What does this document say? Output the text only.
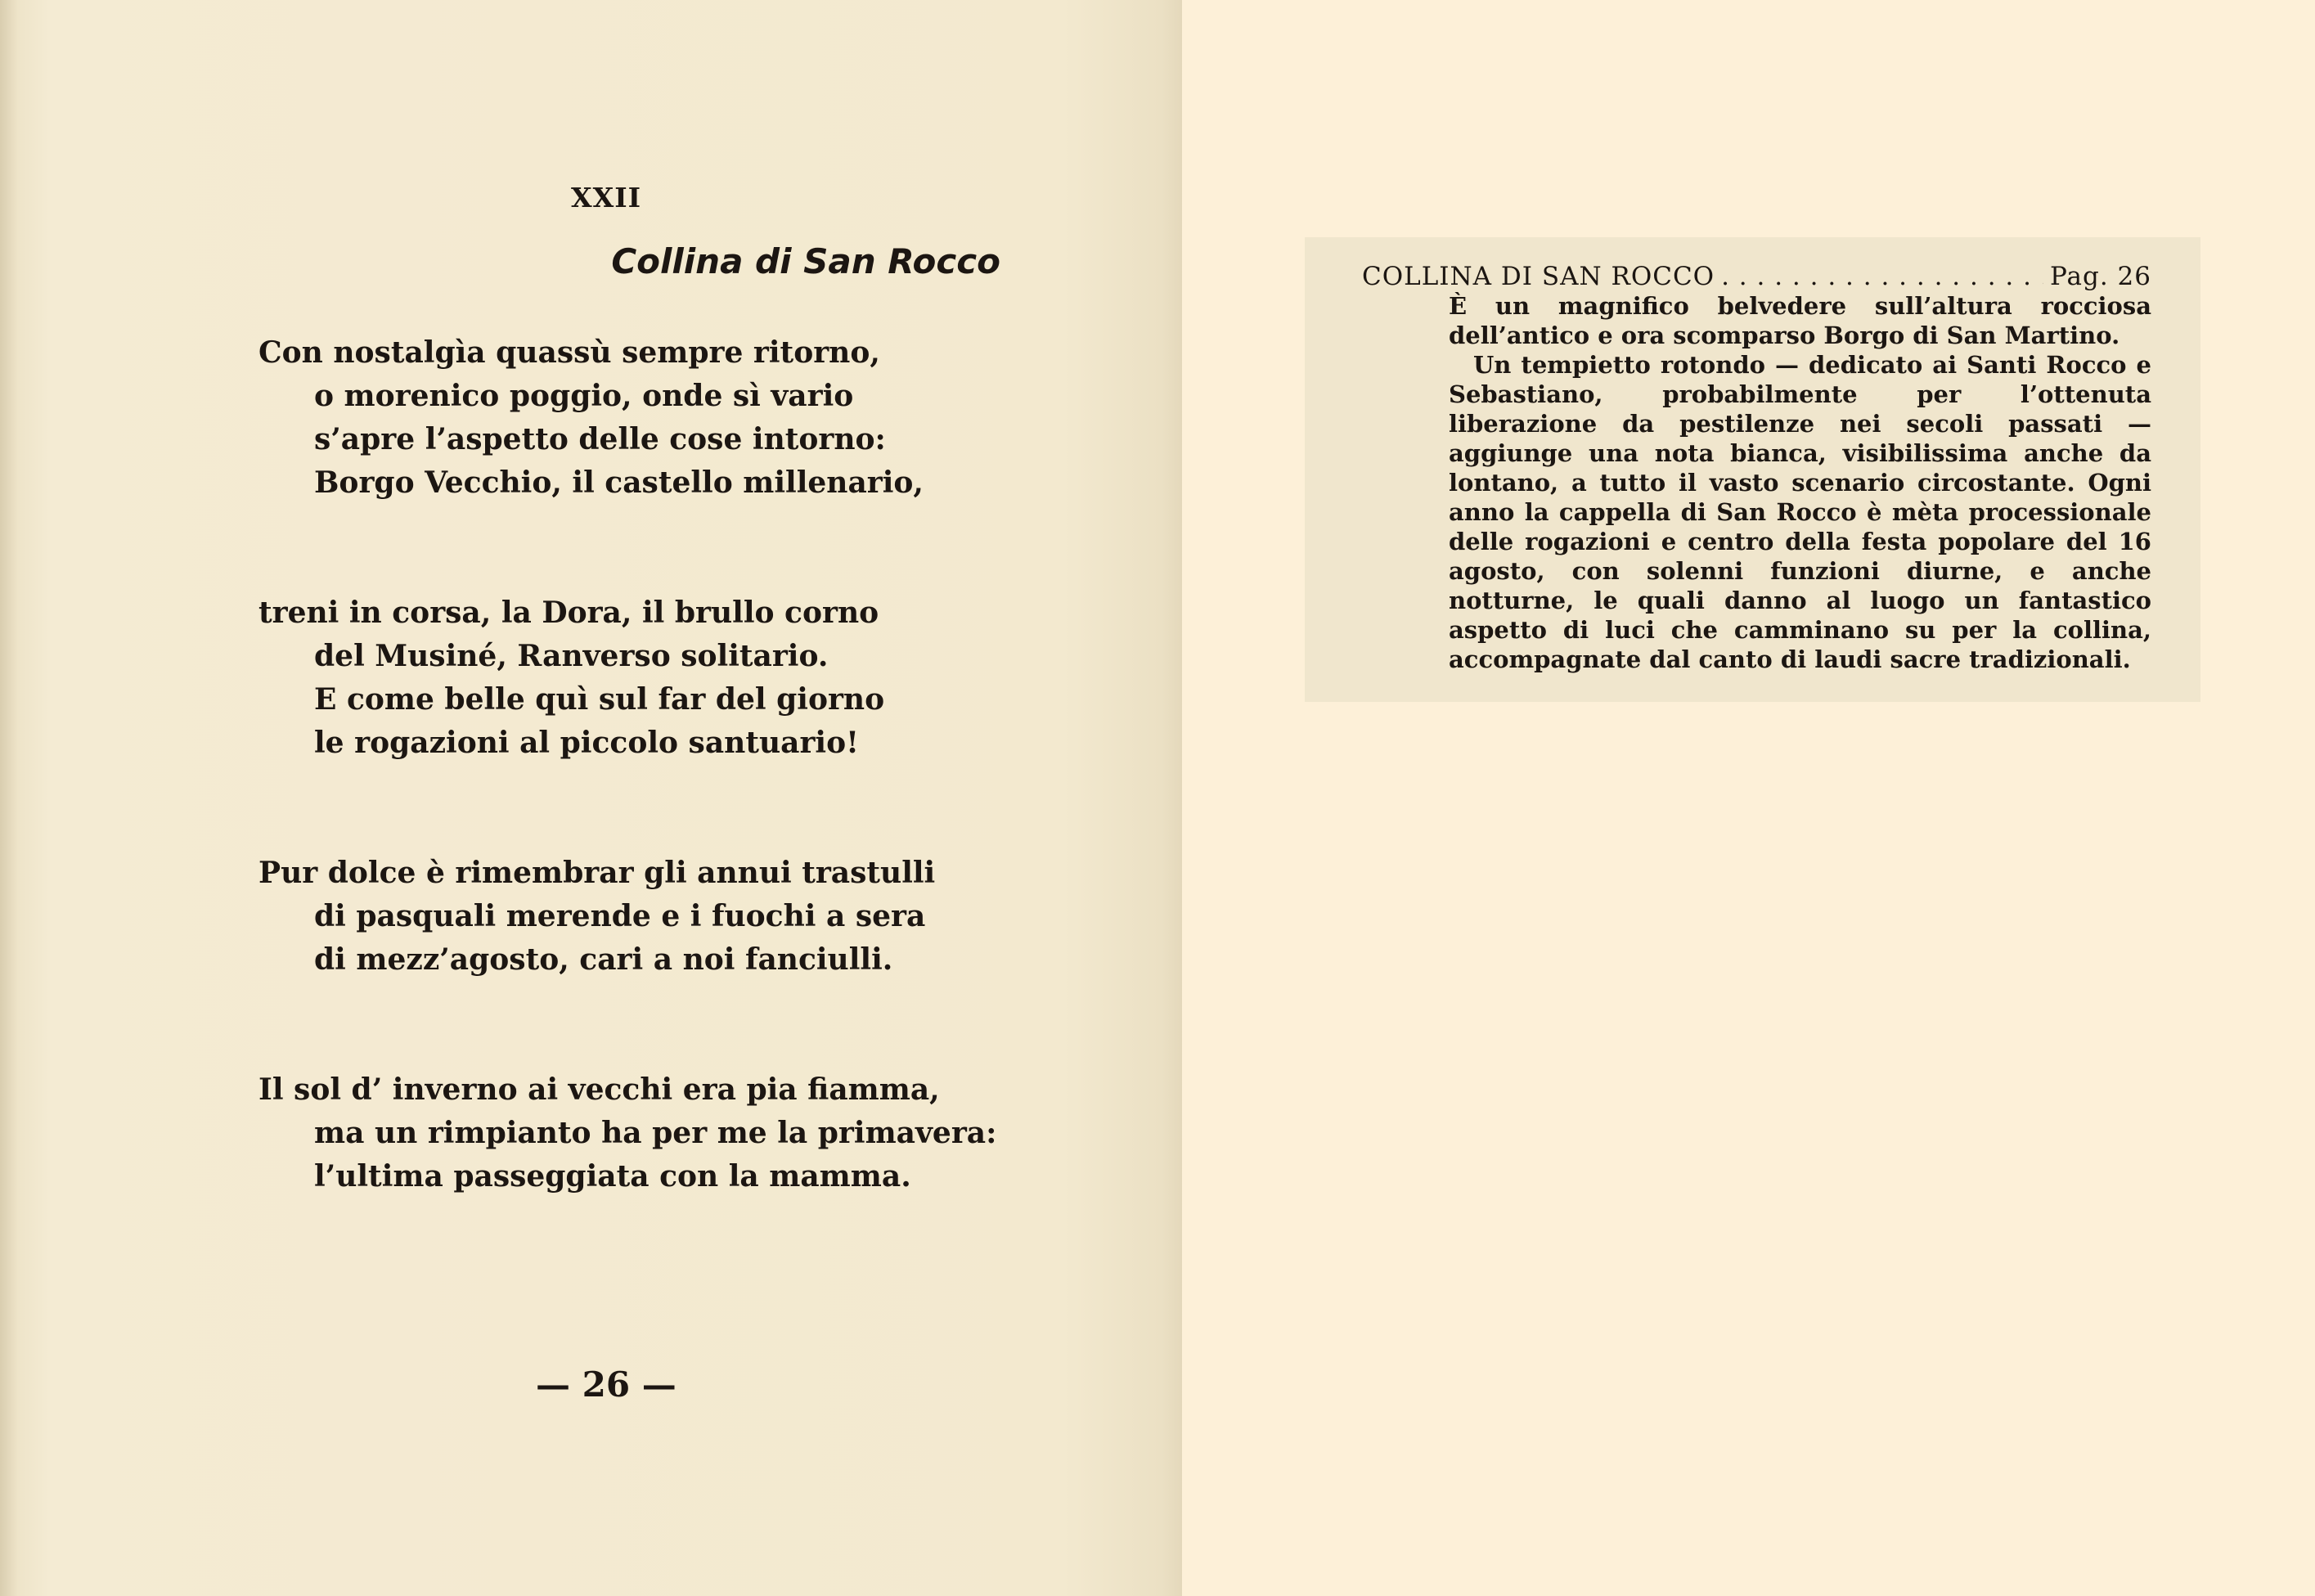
XXII
Collina di San Rocco

Con nostalgìa quassù sempre ritorno,
o morenico poggio, onde sì vario
s’apre l’aspetto delle cose intorno:
Borgo Vecchio, il castello millenario,

treni in corsa, la Dora, il brullo corno
del Musiné, Ranverso solitario.
E come belle quì sul far del giorno
le rogazioni al piccolo santuario!

Pur dolce è rimembrar gli annui trastulli
di pasquali merende e i fuochi a sera
di mezz’agosto, cari a noi fanciulli.

Il sol d’ inverno ai vecchi era pia fiamma,
ma un rimpianto ha per me la primavera:
l’ultima passeggiata con la mamma.

— 26 —

COLLINA DI SAN ROCCO
. . .	Pag. 26

È un magnifico belvedere sull’altura rocciosa dell’antico e ora scomparso Borgo di San Martino.
Un tempietto rotondo — dedicato ai Santi Rocco e Sebastiano, probabilmente per l’ottenuta liberazione da pestilenze nei secoli passati — aggiunge una nota bianca, visibilissima anche da lontano, a tutto il vasto scenario circostante. Ogni anno la cappella di San Rocco è mèta processionale delle rogazioni e centro della festa popolare del 16 agosto, con solenni funzioni diurne, e anche notturne, le quali danno al luogo un fantastico aspetto di luci che camminano su per la collina, accompagnate dal canto di laudi sacre tradizionali.
